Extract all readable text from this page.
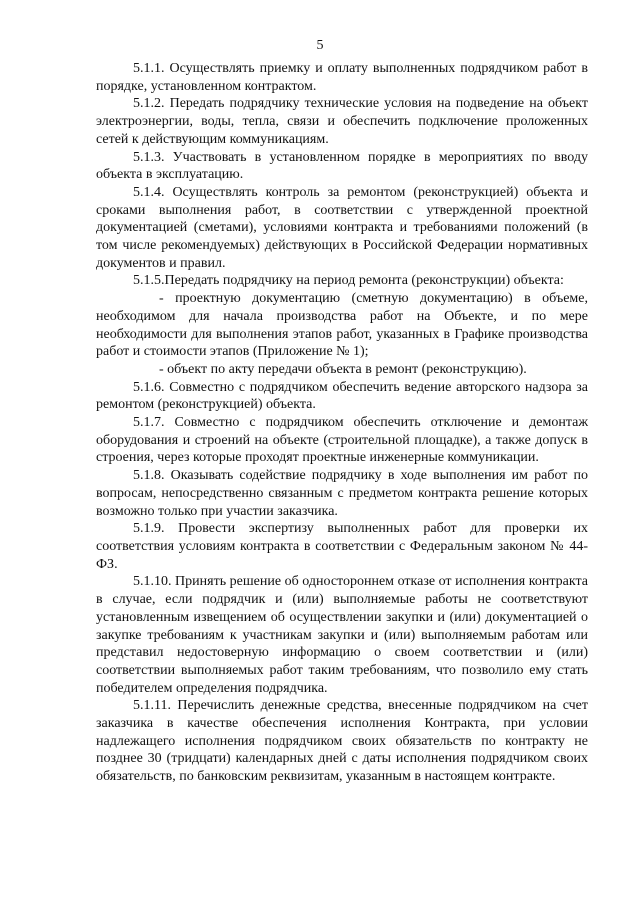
5

5.1.1. Осуществлять приемку и оплату выполненных подрядчиком работ в порядке, установленном контрактом.

5.1.2. Передать подрядчику технические условия на подведение на объект электроэнергии, воды, тепла, связи и обеспечить подключение проложенных сетей к действующим коммуникациям.

5.1.3. Участвовать в установленном порядке в мероприятиях по вводу объекта в эксплуатацию.

5.1.4. Осуществлять контроль за ремонтом (реконструкцией) объекта и сроками выполнения работ, в соответствии с утвержденной проектной документацией (сметами), условиями контракта и требованиями положений (в том числе рекомендуемых) действующих в Российской Федерации нормативных документов и правил.

5.1.5.Передать подрядчику на период ремонта (реконструкции) объекта:

- проектную документацию (сметную документацию) в объеме, необходимом для начала производства работ на Объекте, и по мере необходимости для выполнения этапов работ, указанных в Графике производства работ и стоимости этапов (Приложение № 1);

- объект по акту передачи объекта в ремонт (реконструкцию).

5.1.6. Совместно с подрядчиком обеспечить ведение авторского надзора за ремонтом (реконструкцией) объекта.

5.1.7. Совместно с подрядчиком обеспечить отключение и демонтаж оборудования и строений на объекте (строительной площадке), а также допуск в строения, через которые проходят проектные инженерные коммуникации.

5.1.8. Оказывать содействие подрядчику в ходе выполнения им работ по вопросам, непосредственно связанным с предметом контракта решение которых возможно только при участии заказчика.

5.1.9. Провести экспертизу выполненных работ для проверки их соответствия условиям контракта в соответствии с Федеральным законом № 44-ФЗ.

5.1.10. Принять решение об одностороннем отказе от исполнения контракта в случае, если подрядчик и (или) выполняемые работы не соответствуют установленным извещением об осуществлении закупки и (или) документацией о закупке требованиям к участникам закупки и (или) выполняемым работам или представил недостоверную информацию о своем соответствии и (или) соответствии выполняемых работ таким требованиям, что позволило ему стать победителем определения подрядчика.

5.1.11. Перечислить денежные средства, внесенные подрядчиком на счет заказчика в качестве обеспечения исполнения Контракта, при условии надлежащего исполнения подрядчиком своих обязательств по контракту не позднее 30 (тридцати) календарных дней с даты исполнения подрядчиком своих обязательств, по банковским реквизитам, указанным в настоящем контракте.
